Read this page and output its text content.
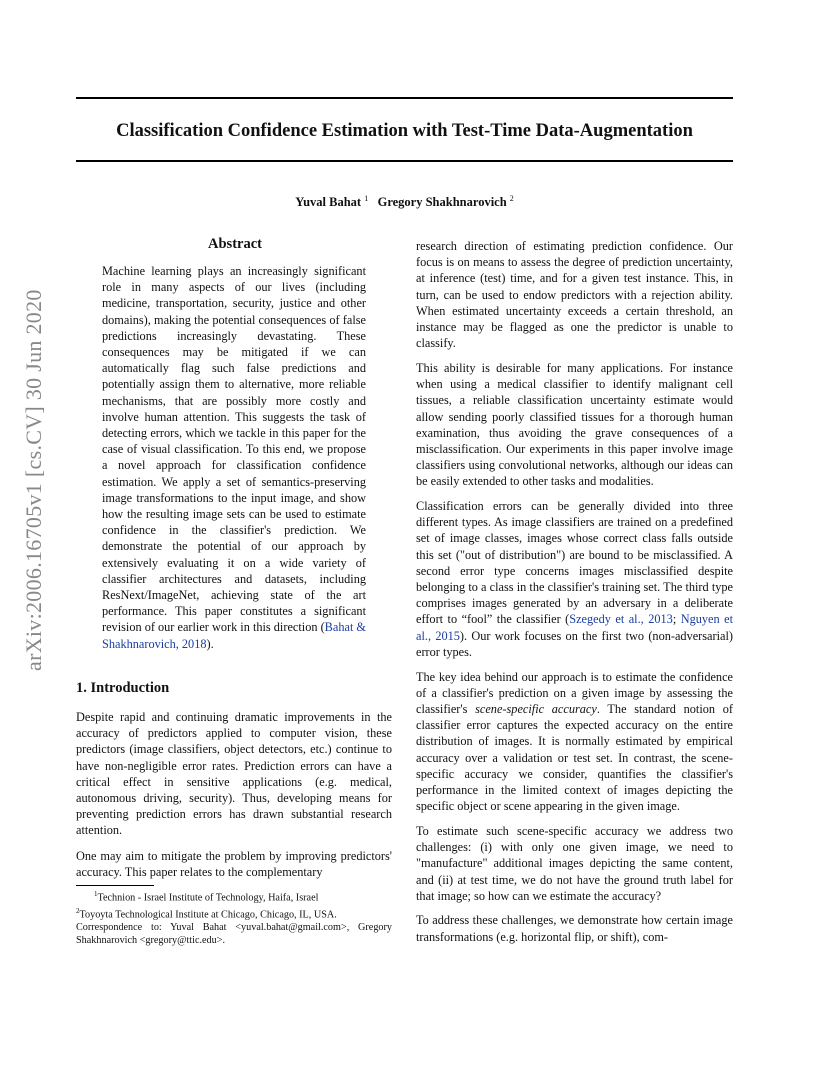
Classification Confidence Estimation with Test-Time Data-Augmentation
Yuval Bahat $^1$ Gregory Shakhnarovich $^2$
arXiv:2006.16705v1 [cs.CV] 30 Jun 2020
Abstract

Machine learning plays an increasingly significant role in many aspects of our lives (including medicine, transportation, security, justice and other domains), making the potential consequences of false predictions increasingly devastating. These consequences may be mitigated if we can automatically flag such false predictions and potentially assign them to alternative, more reliable mechanisms, that are possibly more costly and involve human attention. This suggests the task of detecting errors, which we tackle in this paper for the case of visual classification. To this end, we propose a novel approach for classification confidence estimation. We apply a set of semantics-preserving image transformations to the input image, and show how the resulting image sets can be used to estimate confidence in the classifier's prediction. We demonstrate the potential of our approach by extensively evaluating it on a wide variety of classifier architectures and datasets, including ResNext/ImageNet, achieving state of the art performance. This paper constitutes a significant revision of our earlier work in this direction (Bahat & Shakhnarovich, 2018).

1. Introduction

Despite rapid and continuing dramatic improvements in the accuracy of predictors applied to computer vision, these predictors (image classifiers, object detectors, etc.) continue to have non-negligible error rates. Prediction errors can have a critical effect in sensitive applications (e.g. medical, autonomous driving, security). Thus, developing means for preventing prediction errors has drawn substantial research attention.

One may aim to mitigate the problem by improving predictors' accuracy. This paper relates to the complementary

$^1$Technion - Israel Institute of Technology, Haifa, Israel

$^2$Toyoyta Technological Institute at Chicago, Chicago, IL, USA.

Correspondence to: Yuval Bahat <yuval.bahat@gmail.com>, Gregory Shakhnarovich <gregory@ttic.edu>.

research direction of estimating prediction confidence. Our focus is on means to assess the degree of prediction uncertainty, at inference (test) time, and for a given test instance. This, in turn, can be used to endow predictors with a rejection ability. When estimated uncertainty exceeds a certain threshold, an instance may be flagged as one the predictor is unable to classify.

This ability is desirable for many applications. For instance when using a medical classifier to identify malignant cell tissues, a reliable classification uncertainty estimate would allow sending poorly classified tissues for a thorough human examination, thus avoiding the grave consequences of a misclassification. Our experiments in this paper involve image classifiers using convolutional networks, although our ideas can be easily extended to other tasks and modalities.

Classification errors can be generally divided into three different types. As image classifiers are trained on a predefined set of image classes, images whose correct class falls outside this set ("out of distribution") are bound to be misclassified. A second error type concerns images misclassified despite belonging to a class in the classifier's training set. The third type comprises images generated by an adversary in a deliberate effort to “fool” the classifier (Szegedy et al., 2013; Nguyen et al., 2015). Our work focuses on the first two (non-adversarial) error types.

The key idea behind our approach is to estimate the confidence of a classifier's prediction on a given image by assessing the classifier's scene-specific accuracy. The standard notion of classifier error captures the expected accuracy on the entire distribution of images. It is normally estimated by empirical accuracy over a validation or test set. In contrast, the scene-specific accuracy we consider, quantifies the classifier's performance in the limited context of images depicting the specific object or scene appearing in the given image.

To estimate such scene-specific accuracy we address two challenges: (i) with only one given image, we need to "manufacture" additional images depicting the same content, and (ii) at test time, we do not have the ground truth label for that image; so how can we estimate the accuracy?

To address these challenges, we demonstrate how certain image transformations (e.g. horizontal flip, or shift), com-
